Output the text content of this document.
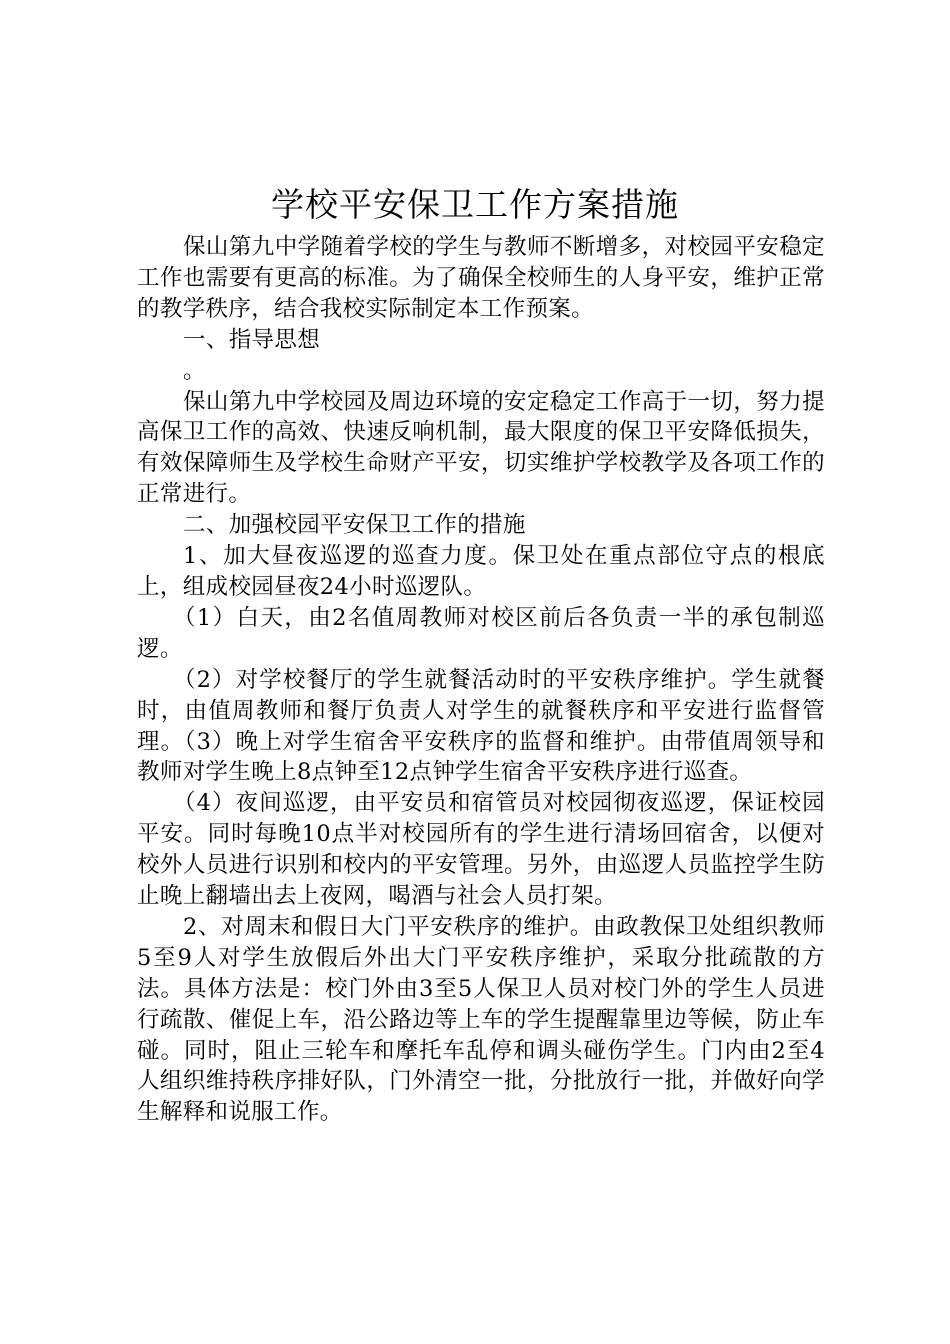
学校平安保卫工作方案措施

保山第九中学随着学校的学生与教师不断增多，对校园平安稳定工作也需要有更高的标准。为了确保全校师生的人身平安，维护正常的教学秩序，结合我校实际制定本工作预案。

一、指导思想

。

保山第九中学校园及周边环境的安定稳定工作高于一切，努力提高保卫工作的高效、快速反响机制，最大限度的保卫平安降低损失，有效保障师生及学校生命财产平安，切实维护学校教学及各项工作的正常进行。

二、加强校园平安保卫工作的措施

1、加大昼夜巡逻的巡查力度。保卫处在重点部位守点的根底上，组成校园昼夜24小时巡逻队。

（1）白天，由2名值周教师对校区前后各负责一半的承包制巡逻。

（2）对学校餐厅的学生就餐活动时的平安秩序维护。学生就餐时，由值周教师和餐厅负责人对学生的就餐秩序和平安进行监督管理。（3）晚上对学生宿舍平安秩序的监督和维护。由带值周领导和教师对学生晚上8点钟至12点钟学生宿舍平安秩序进行巡查。

（4）夜间巡逻，由平安员和宿管员对校园彻夜巡逻，保证校园平安。同时每晚10点半对校园所有的学生进行清场回宿舍，以便对校外人员进行识别和校内的平安管理。另外，由巡逻人员监控学生防止晚上翻墙出去上夜网，喝酒与社会人员打架。

2、对周末和假日大门平安秩序的维护。由政教保卫处组织教师5至9人对学生放假后外出大门平安秩序维护，采取分批疏散的方法。具体方法是：校门外由3至5人保卫人员对校门外的学生人员进行疏散、催促上车，沿公路边等上车的学生提醒靠里边等候，防止车碰。同时，阻止三轮车和摩托车乱停和调头碰伤学生。门内由2至4人组织维持秩序排好队，门外清空一批，分批放行一批，并做好向学生解释和说服工作。
